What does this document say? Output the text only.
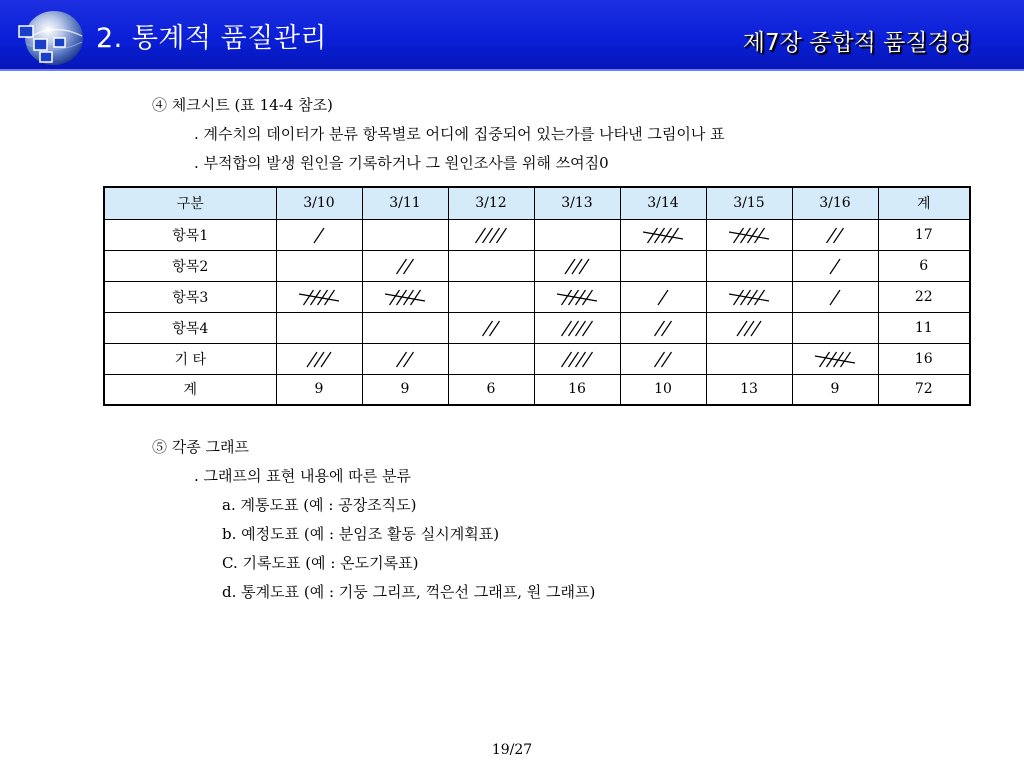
2. 통계적 품질관리	제7장 종합적 품질경영
④ 체크시트 (표 14-4 참조)
. 계수치의 데이터가 분류 항목별로 어디에 집중되어 있는가를 나타낸 그림이나 표
. 부적합의 발생 원인을 기록하거나 그 원인조사를 위해 쓰여짐0
구분	3/10	3/11	3/12	3/13	3/14	3/15	3/16	계
항목1								17
항목2								6
항목3								22
항목4								11
기 타								16
계	9	9	6	16	10	13	9	72
⑤ 각종 그래프
. 그래프의 표현 내용에 따른 분류
a. 계통도표 (예 : 공장조직도)
b. 예정도표 (예 : 분임조 활동 실시계획표)
C. 기록도표 (예 : 온도기록표)
d. 통계도표 (예 : 기둥 그리프, 꺽은선 그래프, 원 그래프)
19/27
